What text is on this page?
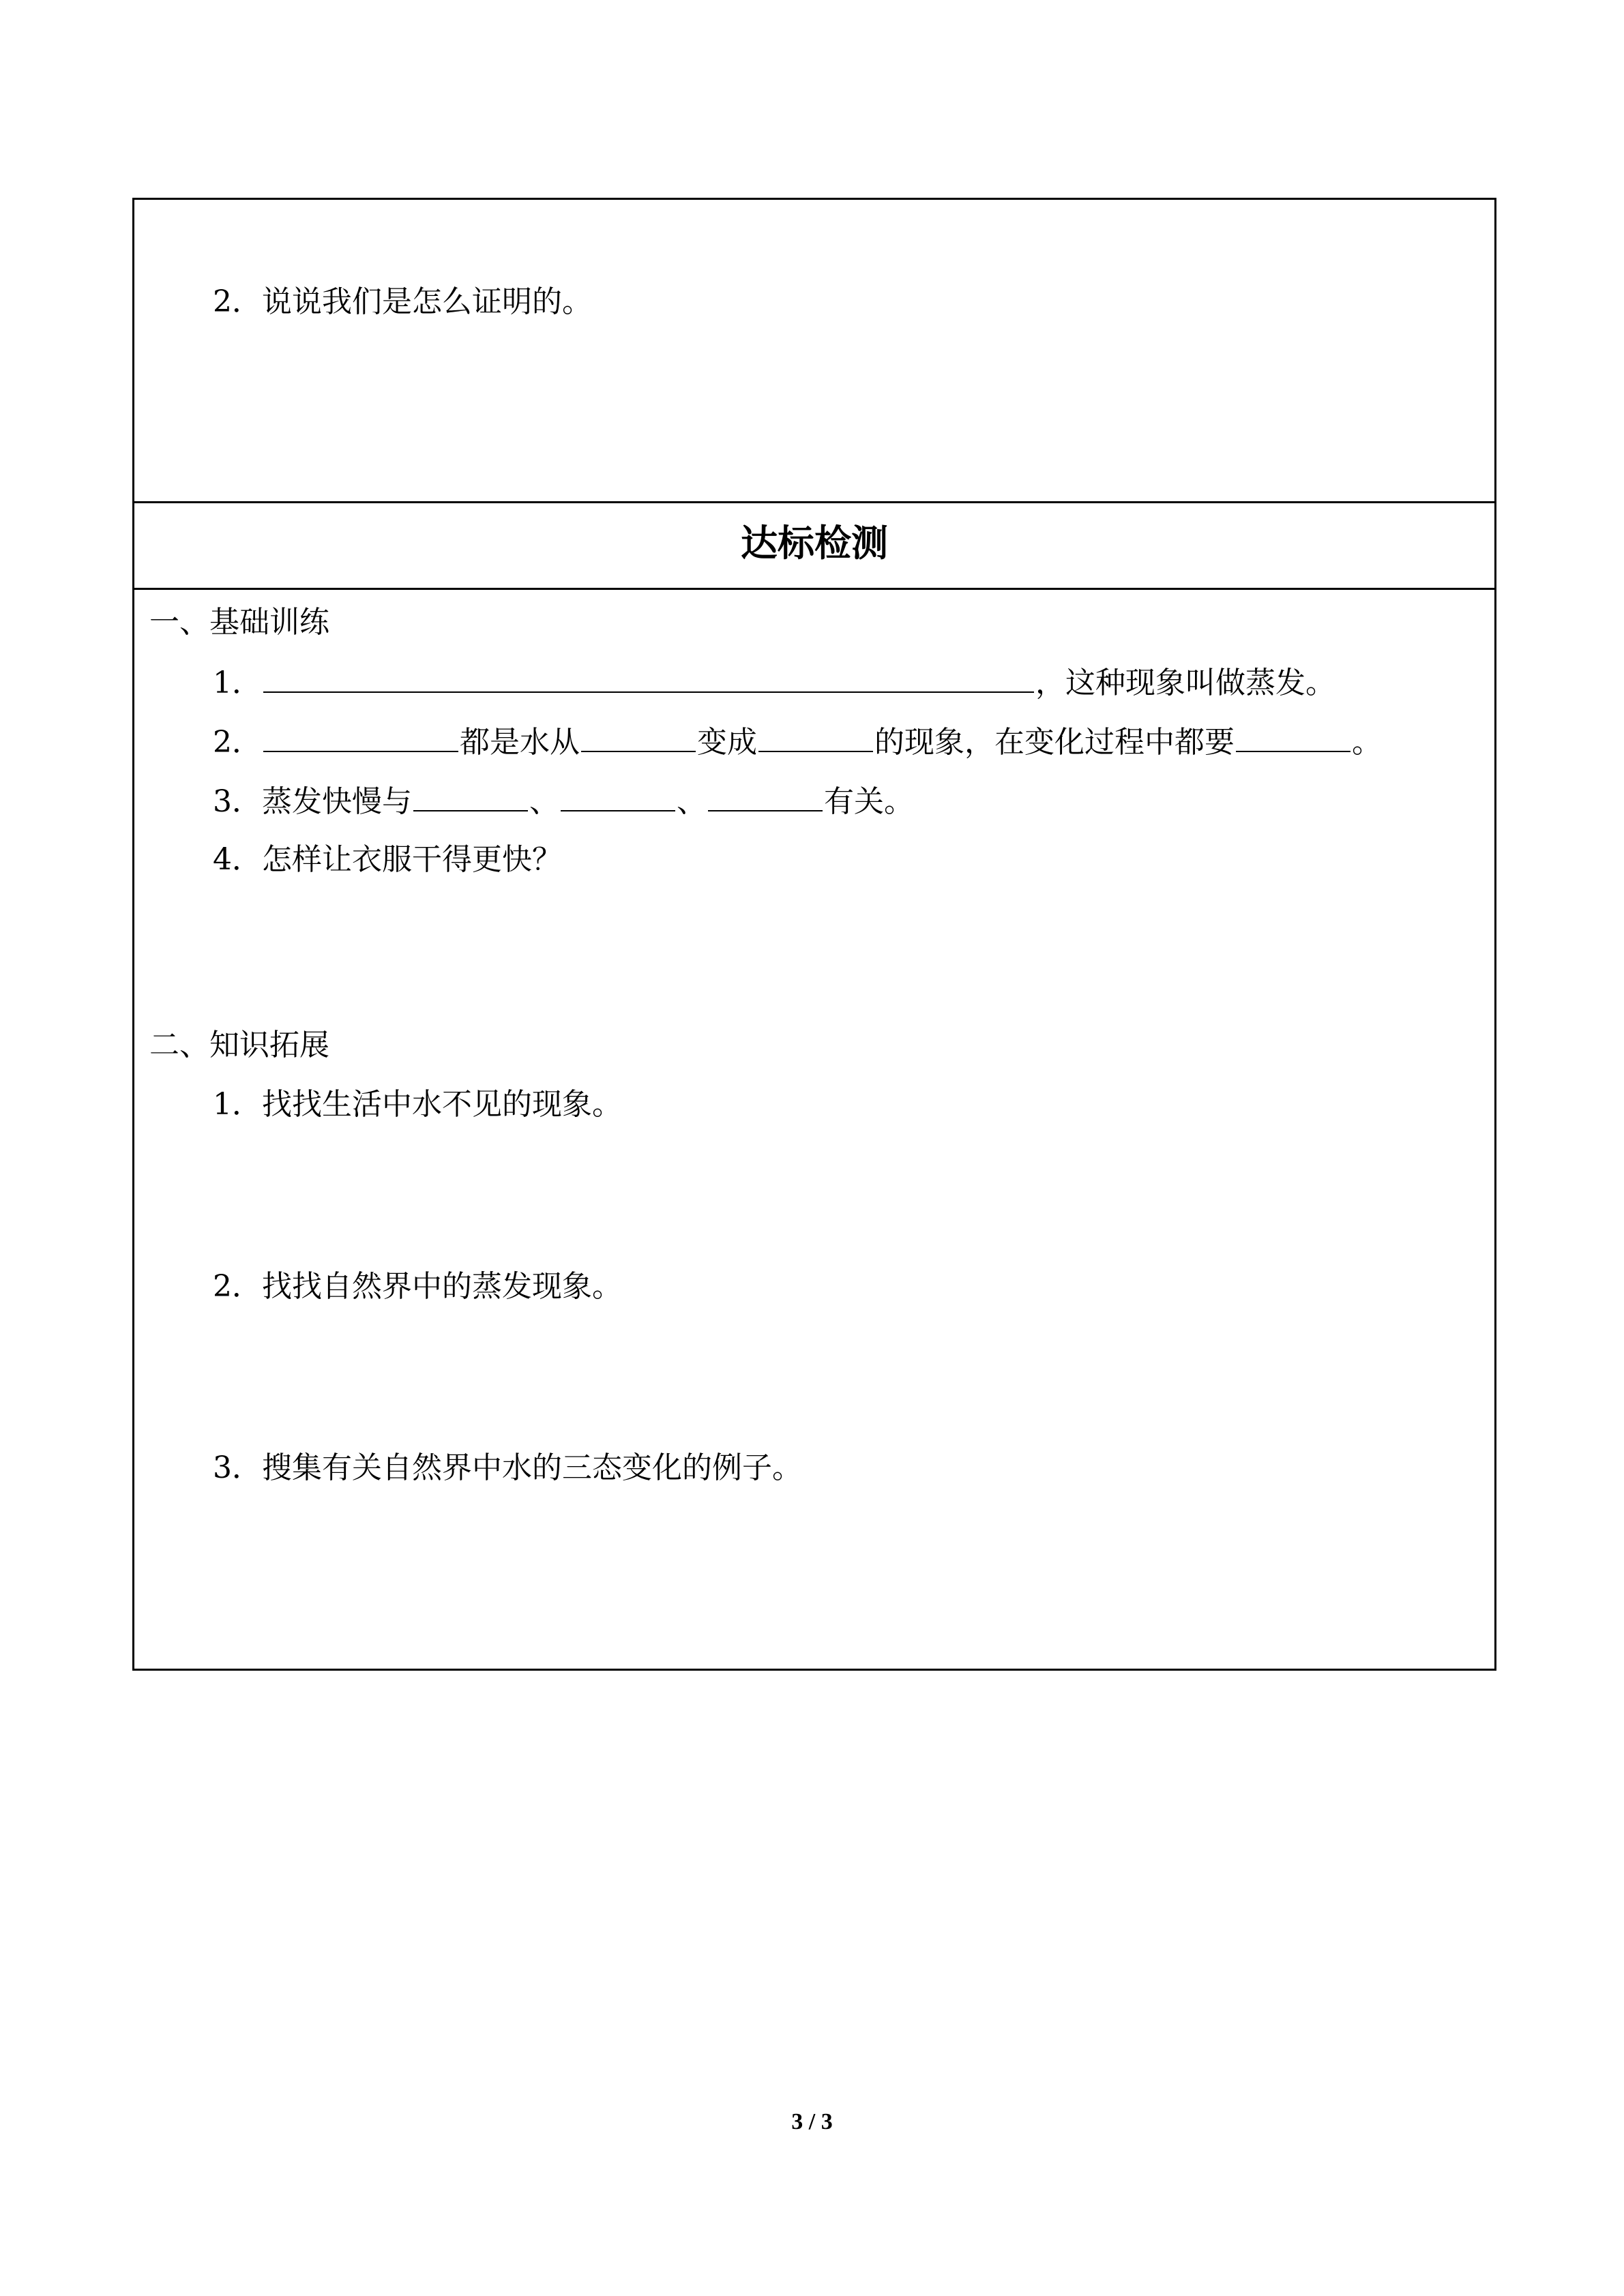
2．说说我们是怎么证明的。
达标检测
一、基础训练
1．	，这种现象叫做蒸发。
2．	都是水从	变成	的现象，在变化过程中都要	。
3．蒸发快慢与	、	、	有关。
4．怎样让衣服干得更快？
二、知识拓展
1．找找生活中水不见的现象。
2．找找自然界中的蒸发现象。
3．搜集有关自然界中水的三态变化的例子。
3 / 3
